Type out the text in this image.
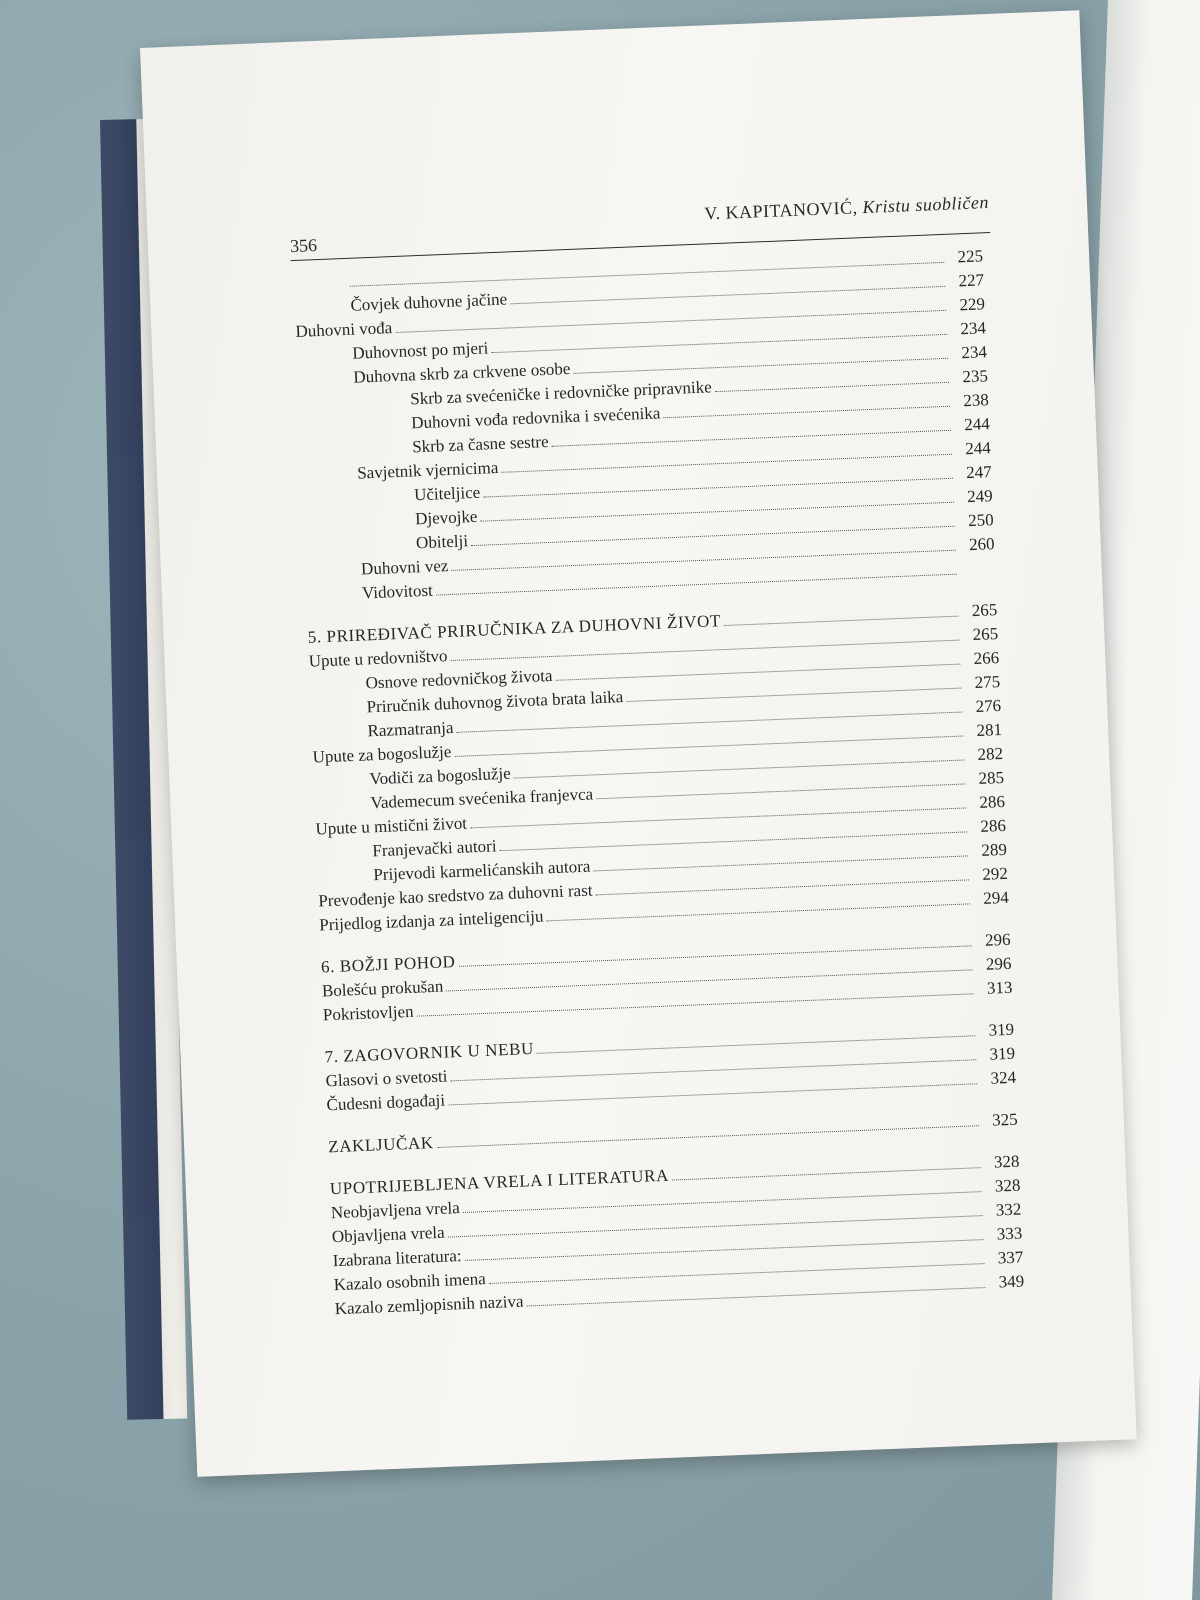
356
V. KAPITANOVIĆ, Kristu suobličen
225
Čovjek duhovne jačine
227
Duhovni vođa
229
Duhovnost po mjeri
234
Duhovna skrb za crkvene osobe
234
Skrb za svećeničke i redovničke pripravnike
235
Duhovni vođa redovnika i svećenika
238
Skrb za časne sestre
244
Savjetnik vjernicima
244
Učiteljice
247
Djevojke
249
Obitelji
250
Duhovni vez
260
Vidovitost
5. PRIREĐIVAČ PRIRUČNIKA ZA DUHOVNI ŽIVOT
265
Upute u redovništvo
265
Osnove redovničkog života
266
Priručnik duhovnog života brata laika
275
Razmatranja
276
Upute za bogoslužje
281
Vodiči za bogoslužje
282
Vademecum svećenika franjevca
285
Upute u mistični život
286
Franjevački autori
286
Prijevodi karmelićanskih autora
289
Prevođenje kao sredstvo za duhovni rast
292
Prijedlog izdanja za inteligenciju
294
6. BOŽJI POHOD
296
Bolešću prokušan
296
Pokristovljen
313
7. ZAGOVORNIK U NEBU
319
Glasovi o svetosti
319
Čudesni događaji
324
ZAKLJUČAK
325
UPOTRIJEBLJENA VRELA I LITERATURA
328
Neobjavljena vrela
328
Objavljena vrela
332
Izabrana literatura:
333
Kazalo osobnih imena
337
Kazalo zemljopisnih naziva
349
